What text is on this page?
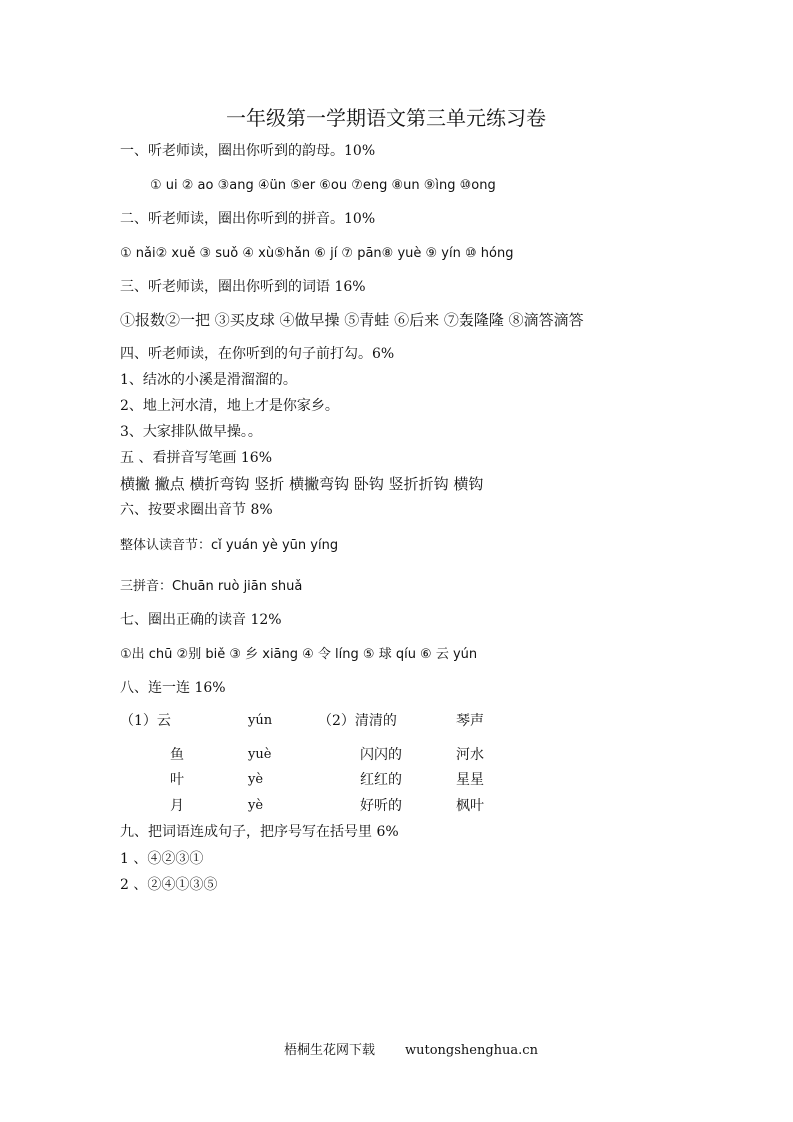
一年级第一学期语文第三单元练习卷
一、听老师读，圈出你听到的韵母。10%
① ui ② ao ③ang ④ün ⑤er ⑥ou ⑦eng ⑧un ⑨ìng ⑩ong
二、听老师读，圈出你听到的拼音。10%
① nǎi② xuě ③ suǒ ④ xù⑤hǎn ⑥ jí ⑦ pān⑧ yuè ⑨ yín ⑩ hóng
三、听老师读，圈出你听到的词语 16%
①报数②一把 ③买皮球 ④做早操 ⑤青蛙 ⑥后来 ⑦轰隆隆 ⑧滴答滴答
四、听老师读，在你听到的句子前打勾。6%
1、结冰的小溪是滑溜溜的。
2、地上河水清，地上才是你家乡。
3、大家排队做早操。。
五 、看拼音写笔画 16%
横撇 撇点 横折弯钩 竖折 横撇弯钩 卧钩 竖折折钩 横钩
六、按要求圈出音节 8%
整体认读音节：cǐ yuán yè yūn yíng
三拼音：Chuān ruò jiān shuǎ
七、圈出正确的读音 12%
①出 chū ②别 biě ③ 乡 xiāng ④ 令 líng ⑤ 球 qíu ⑥ 云 yún
八、连一连 16%
（1）云
鱼
叶
月
yún
yuè
yè
yè
（2）清清的
闪闪的
红红的
好听的
琴声
河水
星星
枫叶
九、把词语连成句子，把序号写在括号里 6%
1 、④②③①
2 、②④①③⑤
梧桐生花网下载 wutongshenghua.cn
